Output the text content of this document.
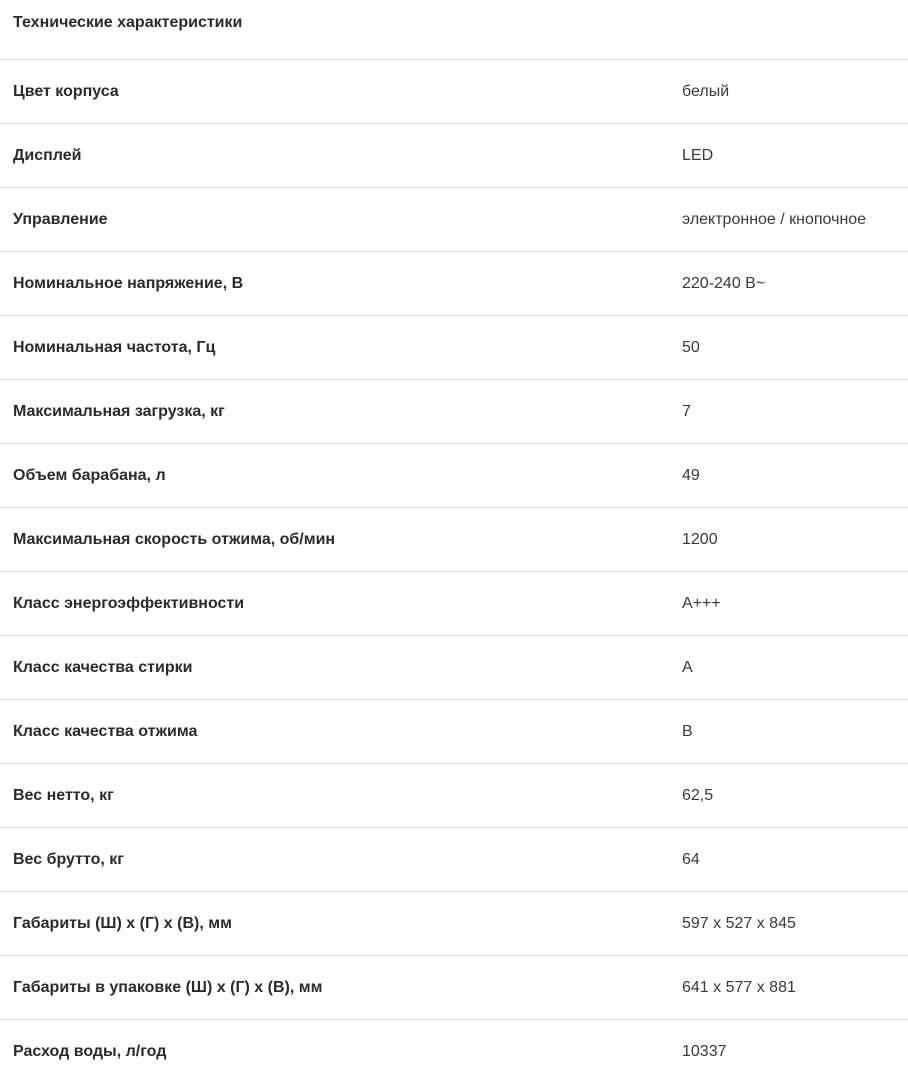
Технические характеристики
Цвет корпуса	белый
Дисплей	LED
Управление	электронное / кнопочное
Номинальное напряжение, В	220-240 В~
Номинальная частота, Гц	50
Максимальная загрузка, кг	7
Объем барабана, л	49
Максимальная скорость отжима, об/мин	1200
Класс энергоэффективности	A+++
Класс качества стирки	A
Класс качества отжима	B
Вес нетто, кг	62,5
Вес брутто, кг	64
Габариты (Ш) х (Г) х (В), мм	597 х 527 х 845
Габариты в упаковке (Ш) х (Г) х (В), мм	641 х 577 х 881
Расход воды, л/год	10337
